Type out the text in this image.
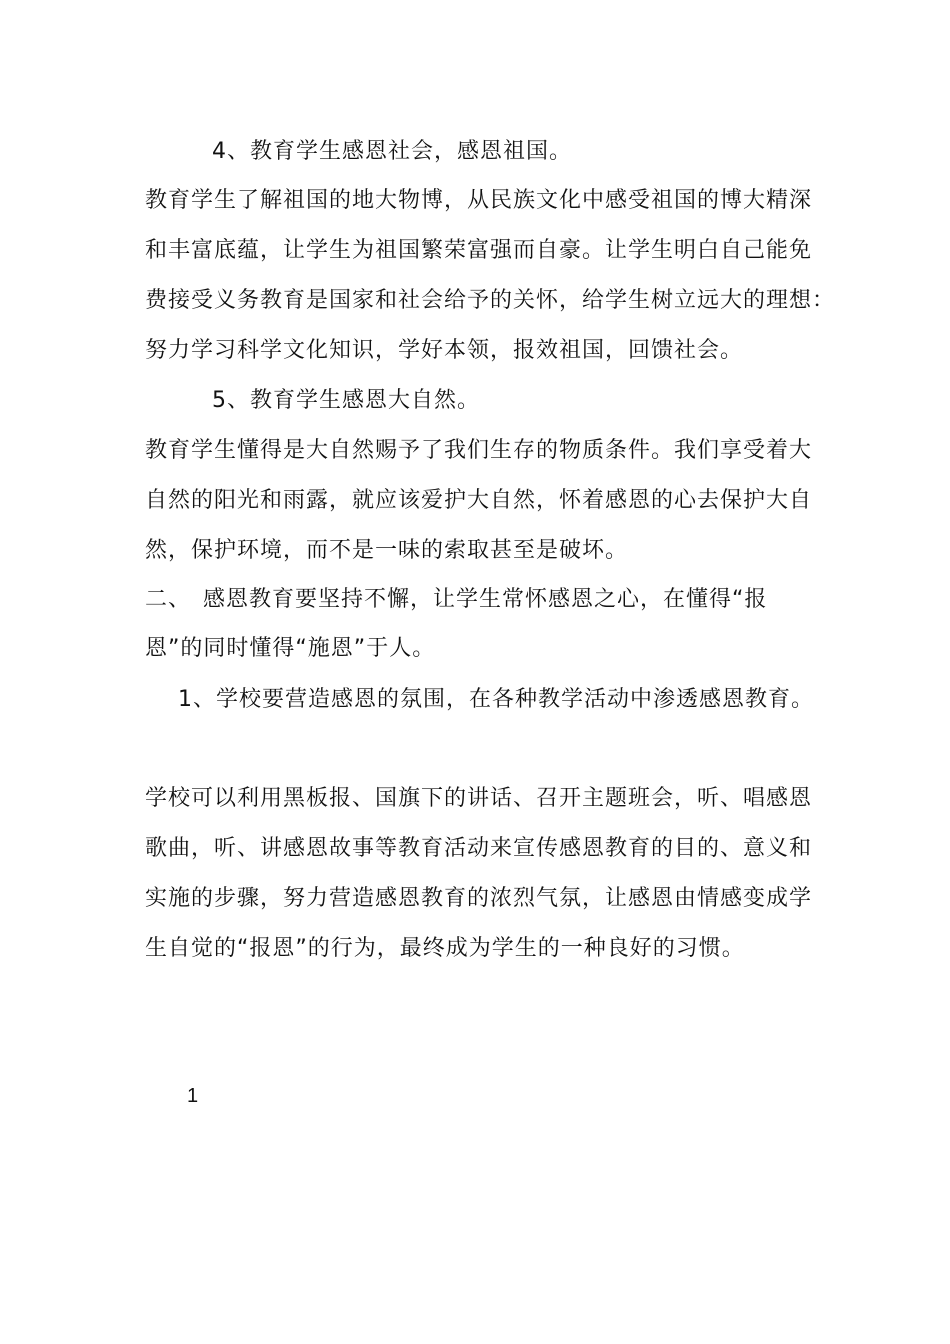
4、教育学生感恩社会，感恩祖国。
教育学生了解祖国的地大物博，从民族文化中感受祖国的博大精深
和丰富底蕴，让学生为祖国繁荣富强而自豪。让学生明白自己能免
费接受义务教育是国家和社会给予的关怀，给学生树立远大的理想：
努力学习科学文化知识，学好本领，报效祖国，回馈社会。
5、教育学生感恩大自然。
教育学生懂得是大自然赐予了我们生存的物质条件。我们享受着大
自然的阳光和雨露，就应该爱护大自然，怀着感恩的心去保护大自
然，保护环境，而不是一味的索取甚至是破坏。
二、　感恩教育要坚持不懈，让学生常怀感恩之心，在懂得“报
恩”的同时懂得“施恩”于人。
1、学校要营造感恩的氛围，在各种教学活动中渗透感恩教育。
学校可以利用黑板报、国旗下的讲话、召开主题班会，听、唱感恩
歌曲，听、讲感恩故事等教育活动来宣传感恩教育的目的、意义和
实施的步骤，努力营造感恩教育的浓烈气氛，让感恩由情感变成学
生自觉的“报恩”的行为，最终成为学生的一种良好的习惯。
1
